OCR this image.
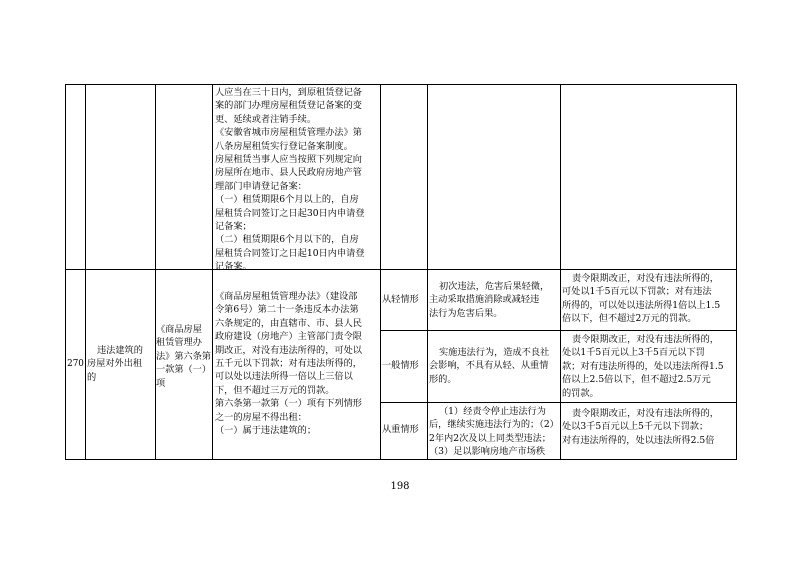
人应当在三十日内，到原租赁登记备
案的部门办理房屋租赁登记备案的变
更、延续或者注销手续。
《安徽省城市房屋租赁管理办法》第
八条房屋租赁实行登记备案制度。
房屋租赁当事人应当按照下列规定向
房屋所在地市、县人民政府房地产管
理部门申请登记备案：
（一）租赁期限6个月以上的，自房
屋租赁合同签订之日起30日内申请登
记备案；
（二）租赁期限6个月以下的，自房
屋租赁合同签订之日起10日内申请登
记备案。
270
违法建筑的
房屋对外出租
的
《商品房屋
租赁管理办
法》第六条第
一款第（一）
项
《商品房屋租赁管理办法》（建设部
令第6号）第二十一条违反本办法第
六条规定的，由直辖市、市、县人民
政府建设（房地产）主管部门责令限
期改正，对没有违法所得的，可处以
五千元以下罚款；对有违法所得的，
可以处以违法所得一倍以上三倍以
下，但不超过三万元的罚款。
第六条第一款第（一）项有下列情形
之一的房屋不得出租：
（一）属于违法建筑的；
从轻情形
一般情形
从重情形
初次违法，危害后果轻微，
主动采取措施消除或减轻违
法行为危害后果。
实施违法行为，造成不良社
会影响，不具有从轻、从重情
形的。
（1）经责令停止违法行为
后，继续实施违法行为的；（2）
2年内2次及以上同类型违法；
（3）足以影响房地产市场秩
责令限期改正，对没有违法所得的，
可处以1千5百元以下罚款；对有违法
所得的，可以处以违法所得1倍以上1.5
倍以下，但不超过2万元的罚款。
责令限期改正，对没有违法所得的，
处以1千5百元以上3千5百元以下罚
款；对有违法所得的，处以违法所得1.5
倍以上2.5倍以下，但不超过2.5万元
的罚款。
责令限期改正，对没有违法所得的，
处以3千5百元以上5千元以下罚款；
对有违法所得的，处以违法所得2.5倍
198
